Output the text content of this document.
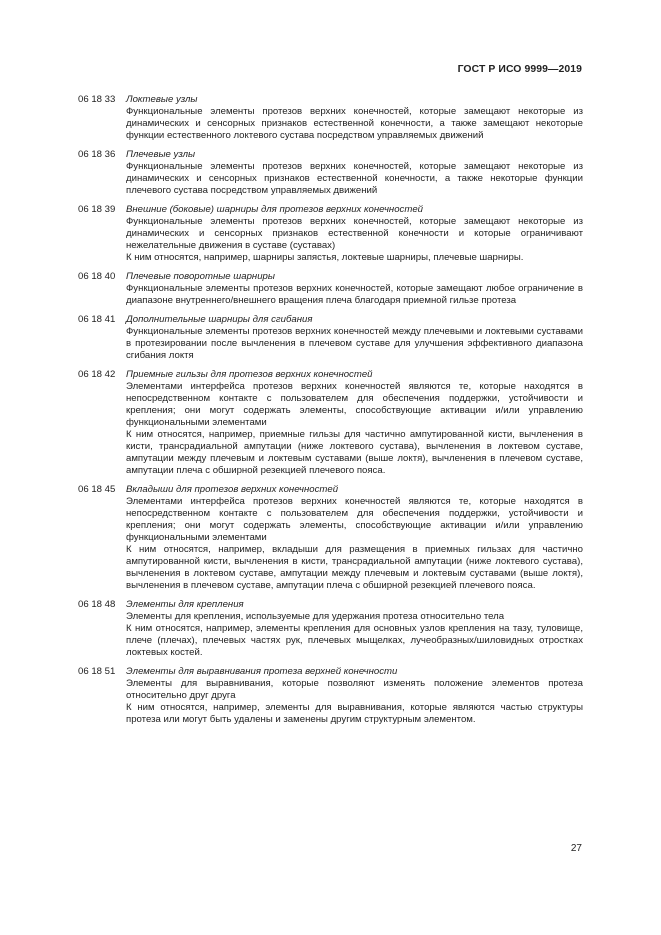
ГОСТ Р ИСО 9999—2019
06 18 33	Локтевые узлы
Функциональные элементы протезов верхних конечностей, которые замещают некоторые из динамических и сенсорных признаков естественной конечности, а также замещают некоторые функции естественного локтевого сустава посредством управляемых движений
06 18 36	Плечевые узлы
Функциональные элементы протезов верхних конечностей, которые замещают некоторые из динамических и сенсорных признаков естественной конечности, а также некоторые функции плечевого сустава посредством управляемых движений
06 18 39	Внешние (боковые) шарниры для протезов верхних конечностей
Функциональные элементы протезов верхних конечностей, которые замещают некоторые из динамических и сенсорных признаков естественной конечности и которые ограничивают нежелательные движения в суставе (суставах)
К ним относятся, например, шарниры запястья, локтевые шарниры, плечевые шарниры.
06 18 40	Плечевые поворотные шарниры
Функциональные элементы протезов верхних конечностей, которые замещают любое ограничение в диапазоне внутреннего/внешнего вращения плеча благодаря приемной гильзе протеза
06 18 41	Дополнительные шарниры для сгибания
Функциональные элементы протезов верхних конечностей между плечевыми и локтевыми суставами в протезировании после вычленения в плечевом суставе для улучшения эффективного диапазона сгибания локтя
06 18 42	Приемные гильзы для протезов верхних конечностей
Элементами интерфейса протезов верхних конечностей являются те, которые находятся в непосредственном контакте с пользователем для обеспечения поддержки, устойчивости и крепления; они могут содержать элементы, способствующие активации и/или управлению функциональными элементами
К ним относятся, например, приемные гильзы для частично ампутированной кисти, вычленения в кисти, трансрадиальной ампутации (ниже локтевого сустава), вычленения в локтевом суставе, ампутации между плечевым и локтевым суставами (выше локтя), вычленения в плечевом суставе, ампутации плеча с обширной резекцией плечевого пояса.
06 18 45	Вкладыши для протезов верхних конечностей
Элементами интерфейса протезов верхних конечностей являются те, которые находятся в непосредственном контакте с пользователем для обеспечения поддержки, устойчивости и крепления; они могут содержать элементы, способствующие активации и/или управлению функциональными элементами
К ним относятся, например, вкладыши для размещения в приемных гильзах для частично ампутированной кисти, вычленения в кисти, трансрадиальной ампутации (ниже локтевого сустава), вычленения в локтевом суставе, ампутации между плечевым и локтевым суставами (выше локтя), вычленения в плечевом суставе, ампутации плеча с обширной резекцией плечевого пояса.
06 18 48	Элементы для крепления
Элементы для крепления, используемые для удержания протеза относительно тела
К ним относятся, например, элементы крепления для основных узлов крепления на тазу, туловище, плече (плечах), плечевых частях рук, плечевых мыщелках, лучеобразных/шиловидных отростках локтевых костей.
06 18 51	Элементы для выравнивания протеза верхней конечности
Элементы для выравнивания, которые позволяют изменять положение элементов протеза относительно друг друга
К ним относятся, например, элементы для выравнивания, которые являются частью структуры протеза или могут быть удалены и заменены другим структурным элементом.
27
